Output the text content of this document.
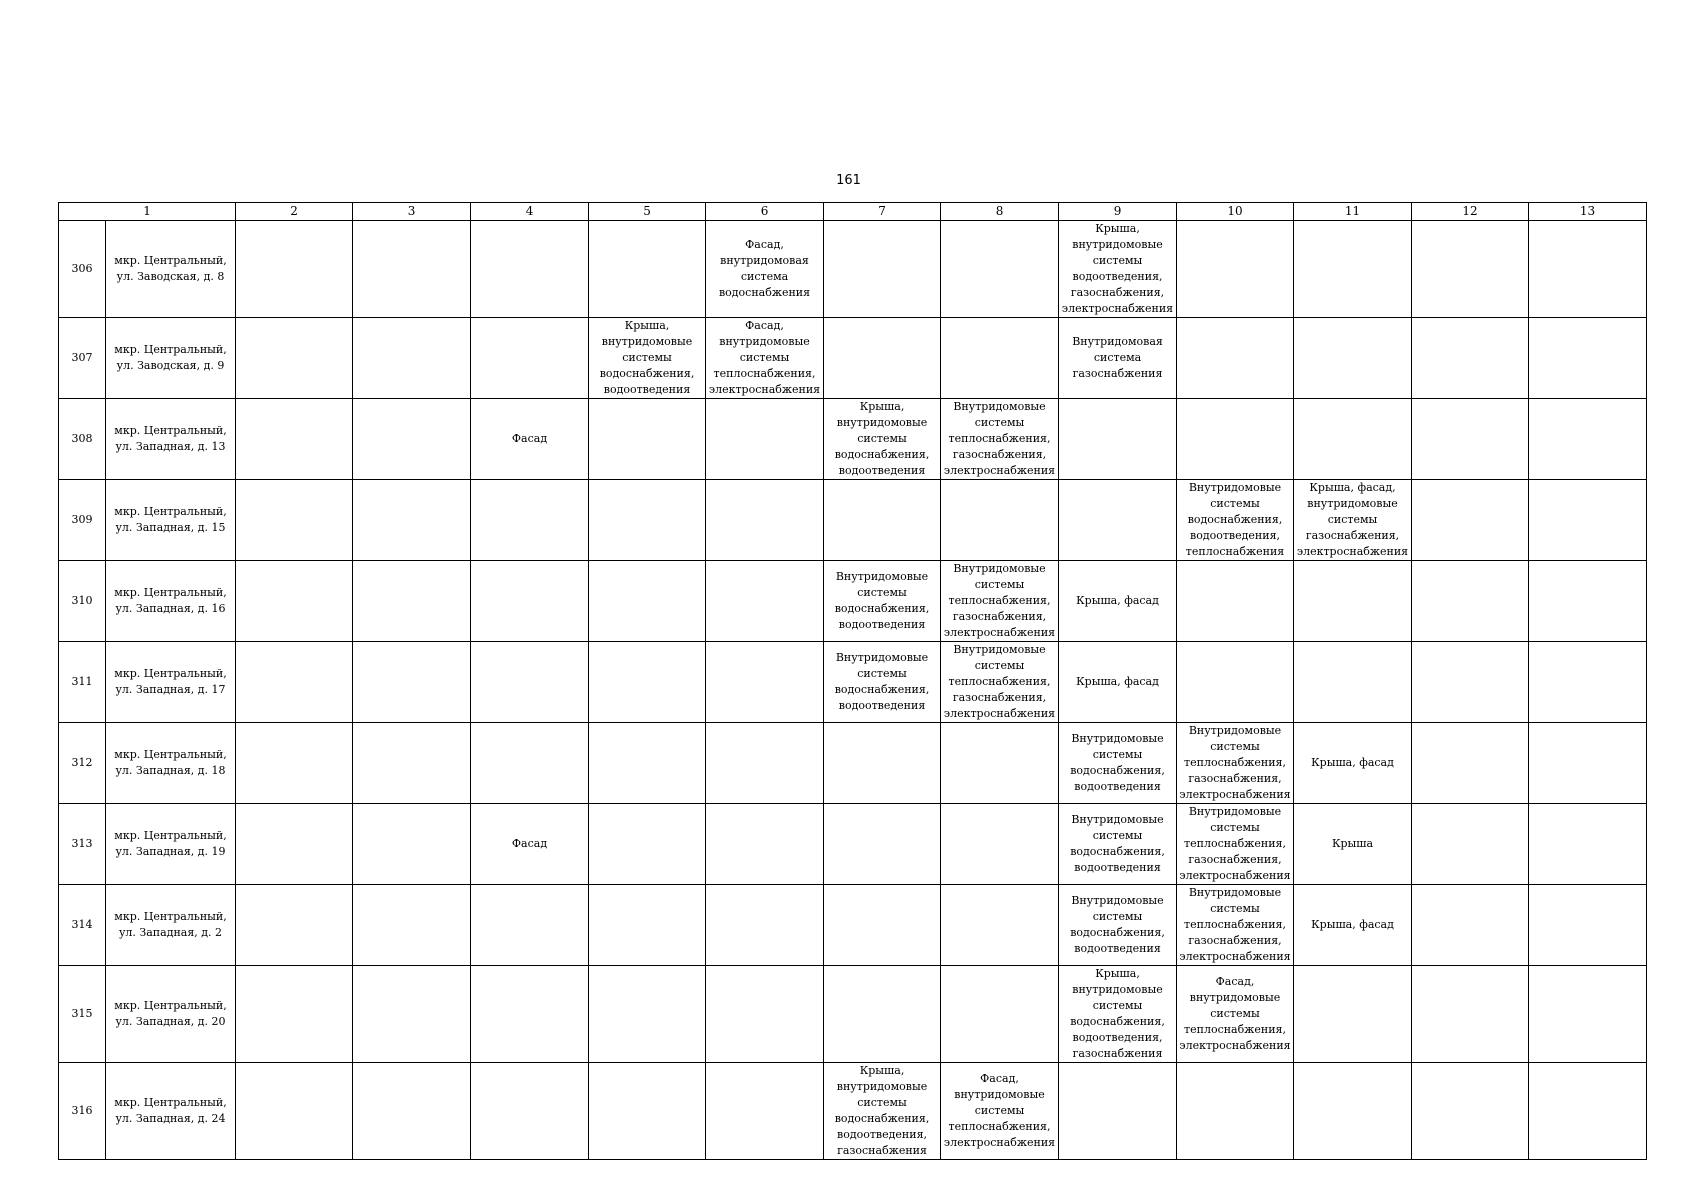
161
1		2	3	4	5	6	7	8	9	10	11	12	13
306	мкр. Центральный, ул. Заводская, д. 8					Фасад, внутридомовая система водоснабжения			Крыша, внутридомовые системы водоотведения, газоснабжения, электроснабжения				
307	мкр. Центральный, ул. Заводская, д. 9				Крыша, внутридомовые системы водоснабжения, водоотведения	Фасад, внутридомовые системы теплоснабжения, электроснабжения			Внутридомовая система газоснабжения				
308	мкр. Центральный, ул. Западная, д. 13			Фасад			Крыша, внутридомовые системы водоснабжения, водоотведения	Внутридомовые системы теплоснабжения, газоснабжения, электроснабжения					
309	мкр. Центральный, ул. Западная, д. 15									Внутридомовые системы водоснабжения, водоотведения, теплоснабжения	Крыша, фасад, внутридомовые системы газоснабжения, электроснабжения		
310	мкр. Центральный, ул. Западная, д. 16						Внутридомовые системы водоснабжения, водоотведения	Внутридомовые системы теплоснабжения, газоснабжения, электроснабжения	Крыша, фасад				
311	мкр. Центральный, ул. Западная, д. 17						Внутридомовые системы водоснабжения, водоотведения	Внутридомовые системы теплоснабжения, газоснабжения, электроснабжения	Крыша, фасад				
312	мкр. Центральный, ул. Западная, д. 18								Внутридомовые системы водоснабжения, водоотведения	Внутридомовые системы теплоснабжения, газоснабжения, электроснабжения	Крыша, фасад		
313	мкр. Центральный, ул. Западная, д. 19			Фасад					Внутридомовые системы водоснабжения, водоотведения	Внутридомовые системы теплоснабжения, газоснабжения, электроснабжения	Крыша		
314	мкр. Центральный, ул. Западная, д. 2								Внутридомовые системы водоснабжения, водоотведения	Внутридомовые системы теплоснабжения, газоснабжения, электроснабжения	Крыша, фасад		
315	мкр. Центральный, ул. Западная, д. 20								Крыша, внутридомовые системы водоснабжения, водоотведения, газоснабжения	Фасад, внутридомовые системы теплоснабжения, электроснабжения			
316	мкр. Центральный, ул. Западная, д. 24						Крыша, внутридомовые системы водоснабжения, водоотведения, газоснабжения	Фасад, внутридомовые системы теплоснабжения, электроснабжения					
